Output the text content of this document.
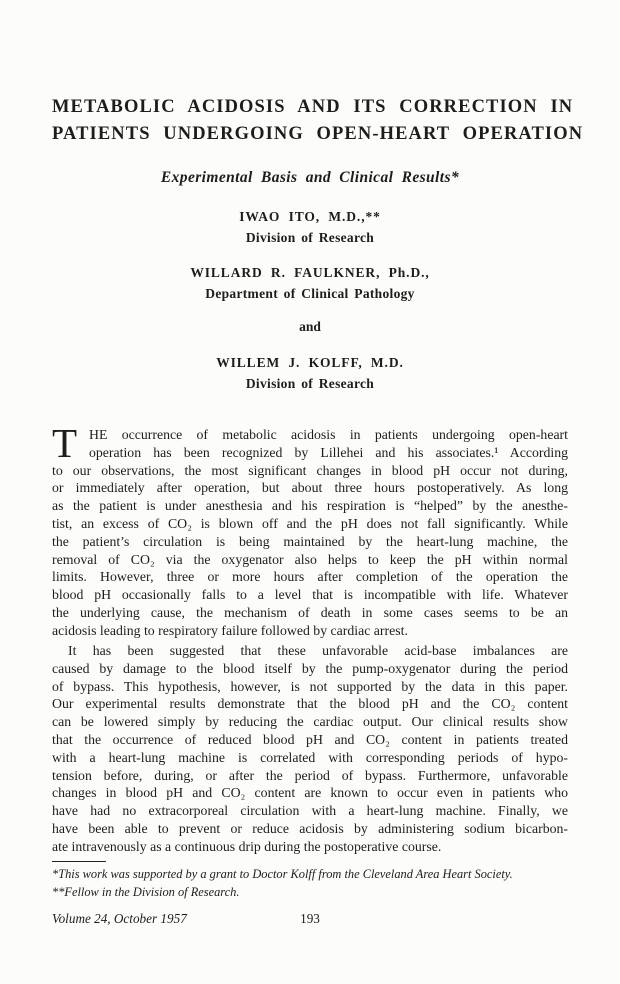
METABOLIC ACIDOSIS AND ITS CORRECTION IN
PATIENTS UNDERGOING OPEN-HEART OPERATION
Experimental Basis and Clinical Results*
IWAO ITO, M.D.,**
Division of Research
WILLARD R. FAULKNER, Ph.D.,
Department of Clinical Pathology
and
WILLEM J. KOLFF, M.D.
Division of Research
T HE occurrence of metabolic acidosis in patients undergoing open-heart
operation has been recognized by Lillehei and his associates.¹ According
to our observations, the most significant changes in blood pH occur not during,
or immediately after operation, but about three hours postoperatively. As long
as the patient is under anesthesia and his respiration is “helped” by the anesthe-
tist, an excess of CO₂ is blown off and the pH does not fall significantly. While
the patient’s circulation is being maintained by the heart-lung machine, the
removal of CO₂ via the oxygenator also helps to keep the pH within normal
limits. However, three or more hours after completion of the operation the
blood pH occasionally falls to a level that is incompatible with life. Whatever
the underlying cause, the mechanism of death in some cases seems to be an
acidosis leading to respiratory failure followed by cardiac arrest.
It has been suggested that these unfavorable acid-base imbalances are
caused by damage to the blood itself by the pump-oxygenator during the period
of bypass. This hypothesis, however, is not supported by the data in this paper.
Our experimental results demonstrate that the blood pH and the CO₂ content
can be lowered simply by reducing the cardiac output. Our clinical results show
that the occurrence of reduced blood pH and CO₂ content in patients treated
with a heart-lung machine is correlated with corresponding periods of hypo-
tension before, during, or after the period of bypass. Furthermore, unfavorable
changes in blood pH and CO₂ content are known to occur even in patients who
have had no extracorporeal circulation with a heart-lung machine. Finally, we
have been able to prevent or reduce acidosis by administering sodium bicarbon-
ate intravenously as a continuous drip during the postoperative course.
*This work was supported by a grant to Doctor Kolff from the Cleveland Area Heart Society.
**Fellow in the Division of Research.
Volume 24, October 1957	193
